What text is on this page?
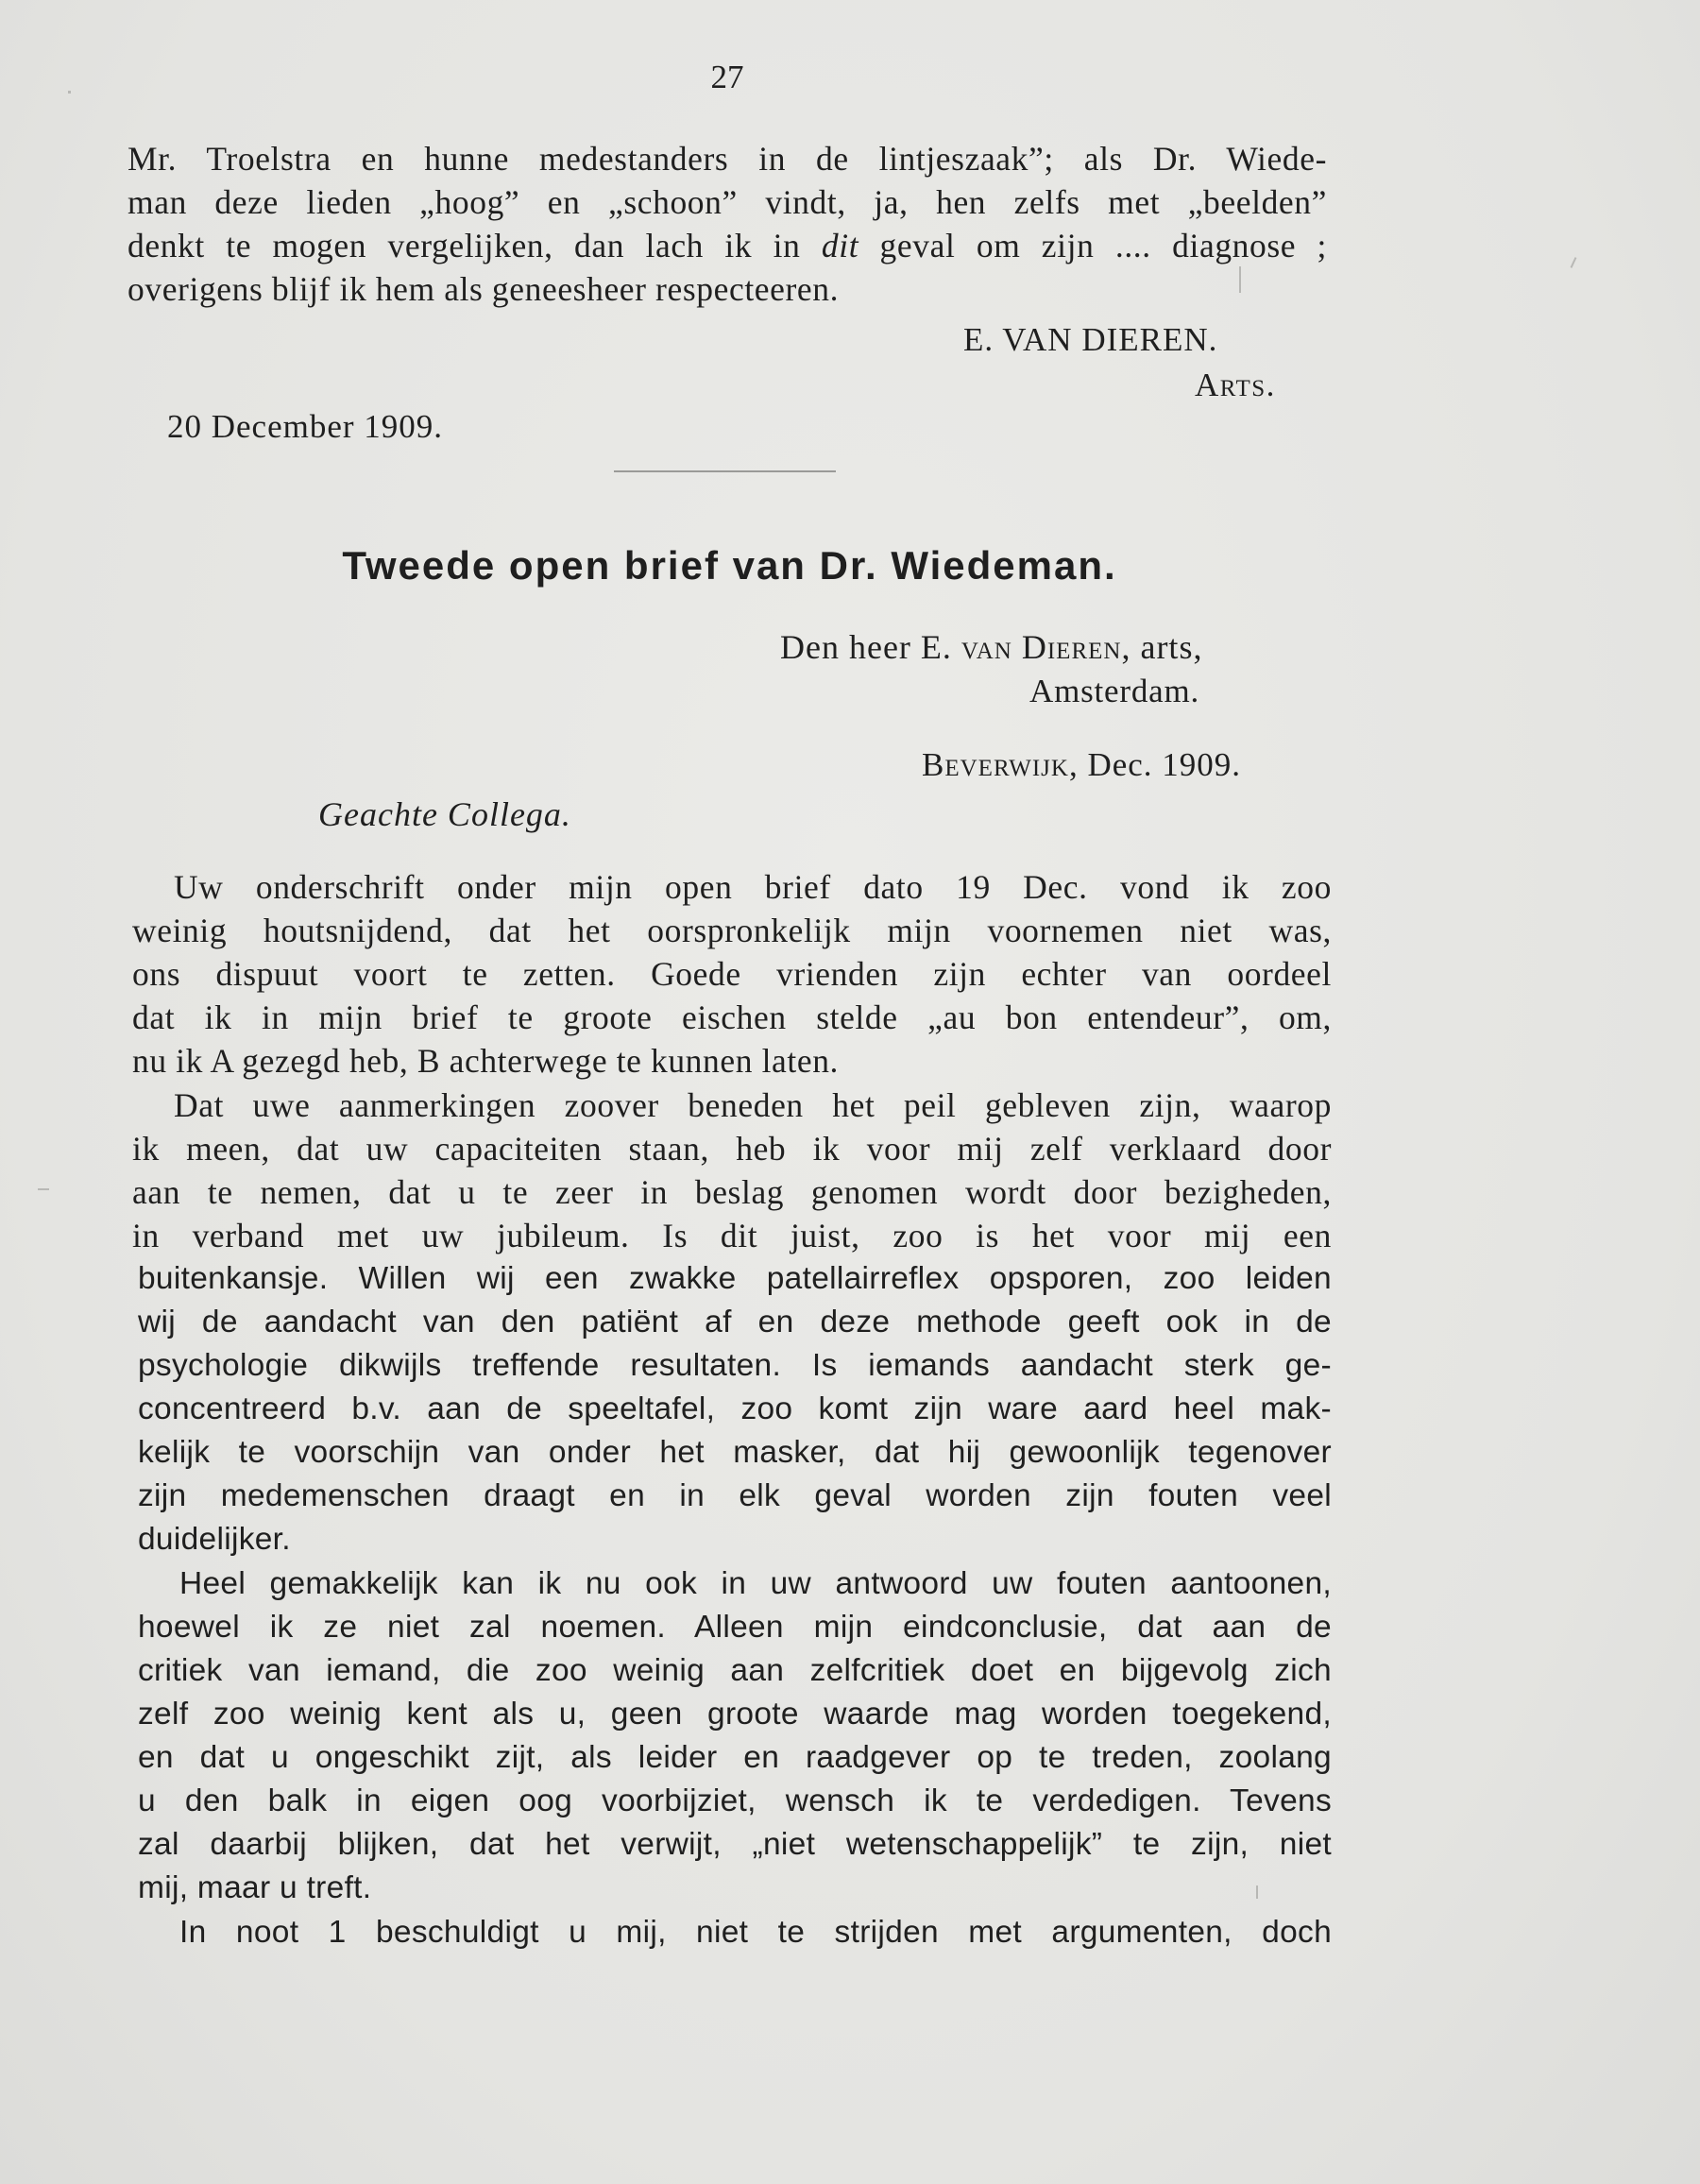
27
Mr. Troelstra en hunne medestanders in de lintjeszaak”; als Dr. Wiede-
man deze lieden „hoog” en „schoon” vindt, ja, hen zelfs met „beelden”
denkt te mogen vergelijken, dan lach ik in dit geval om zijn .... diagnose ;
overigens blijf ik hem als geneesheer respecteeren.
E. VAN DIEREN.
Arts.
20 December 1909.
Tweede open brief van Dr. Wiedeman.
Den heer E. van Dieren, arts,
Amsterdam.
Beverwijk, Dec. 1909.
Geachte Collega.
Uw onderschrift onder mijn open brief dato 19 Dec. vond ik zoo
weinig houtsnijdend, dat het oorspronkelijk mijn voornemen niet was,
ons dispuut voort te zetten. Goede vrienden zijn echter van oordeel
dat ik in mijn brief te groote eischen stelde „au bon entendeur”, om,
nu ik A gezegd heb, B achterwege te kunnen laten.
Dat uwe aanmerkingen zoover beneden het peil gebleven zijn, waarop
ik meen, dat uw capaciteiten staan, heb ik voor mij zelf verklaard door
aan te nemen, dat u te zeer in beslag genomen wordt door bezigheden,
in verband met uw jubileum. Is dit juist, zoo is het voor mij een
buitenkansje. Willen wij een zwakke patellairreflex opsporen, zoo leiden
wij de aandacht van den patiënt af en deze methode geeft ook in de
psychologie dikwijls treffende resultaten. Is iemands aandacht sterk ge-
concentreerd b.v. aan de speeltafel, zoo komt zijn ware aard heel mak-
kelijk te voorschijn van onder het masker, dat hij gewoonlijk tegenover
zijn medemenschen draagt en in elk geval worden zijn fouten veel
duidelijker.
Heel gemakkelijk kan ik nu ook in uw antwoord uw fouten aantoonen,
hoewel ik ze niet zal noemen. Alleen mijn eindconclusie, dat aan de
critiek van iemand, die zoo weinig aan zelfcritiek doet en bijgevolg zich
zelf zoo weinig kent als u, geen groote waarde mag worden toegekend,
en dat u ongeschikt zijt, als leider en raadgever op te treden, zoolang
u den balk in eigen oog voorbijziet, wensch ik te verdedigen. Tevens
zal daarbij blijken, dat het verwijt, „niet wetenschappelijk” te zijn, niet
mij, maar u treft.
In noot 1 beschuldigt u mij, niet te strijden met argumenten, doch
